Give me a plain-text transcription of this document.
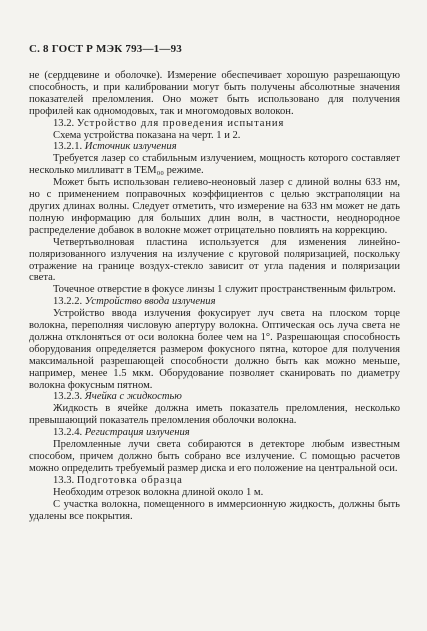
С. 8 ГОСТ Р МЭК 793—1—93

не (сердцевине и оболочке). Измерение обеспечивает хорошую разрешающую способность, и при калибровании могут быть получены абсолютные значения показателей преломления. Оно может быть использовано для получения профилей как одномодовых, так и многомодовых волокон.

13.2. Устройство для проведения испытания

Схема устройства показана на черт. 1 и 2.

13.2.1. Источник излучения

Требуется лазер со стабильным излучением, мощность которого составляет несколько милливатт в TEM₀₀ режиме.

Может быть использован гелиево-неоновый лазер с длиной волны 633 нм, но с применением поправочных коэффициентов с целью экстраполяции на других длинах волны. Следует отметить, что измерение на 633 нм может не дать полную информацию для больших длин волн, в частности, неоднородное распределение добавок в волокне может отрицательно повлиять на коррекцию.

Четвертьволновая пластина используется для изменения линейно-поляризованного излучения на излучение с круговой поляризацией, поскольку отражение на границе воздух-стекло зависит от угла падения и поляризации света.

Точечное отверстие в фокусе линзы 1 служит пространственным фильтром.

13.2.2. Устройство ввода излучения

Устройство ввода излучения фокусирует луч света на плоском торце волокна, переполняя числовую апертуру волокна. Оптическая ось луча света не должна отклоняться от оси волокна более чем на 1°. Разрешающая способность оборудования определяется размером фокусного пятна, которое для получения максимальной разрешающей способности должно быть как можно меньше, например, менее 1.5 мкм. Оборудование позволяет сканировать по диаметру волокна фокусным пятном.

13.2.3. Ячейка с жидкостью

Жидкость в ячейке должна иметь показатель преломления, несколько превышающий показатель преломления оболочки волокна.

13.2.4. Регистрация излучения

Преломленные лучи света собираются в детекторе любым известным способом, причем должно быть собрано все излучение. С помощью расчетов можно определить требуемый размер диска и его положение на центральной оси.

13.3. Подготовка образца

Необходим отрезок волокна длиной около 1 м.

С участка волокна, помещенного в иммерсионную жидкость, должны быть удалены все покрытия.
